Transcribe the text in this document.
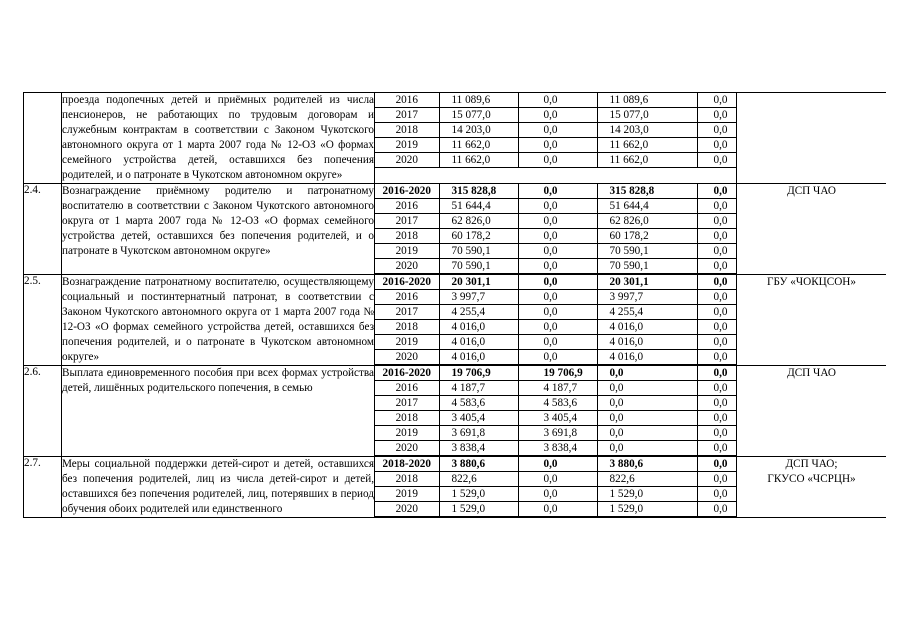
	проезда подопечных детей и приёмных родителей из числа пенсионеров, не работающих по трудовым договорам и служебным контрактам в соответствии с Законом Чукотского автономного округа от 1 марта 2007 года № 12-ОЗ «О формах семейного устройства детей, оставшихся без попечения родителей, и о патронате в Чукотском автономном округе»	
2016	11 089,6	0,0	11 089,6	0,0
2017	15 077,0	0,0	15 077,0	0,0
2018	14 203,0	0,0	14 203,0	0,0
2019	11 662,0	0,0	11 662,0	0,0
2020	11 662,0	0,0	11 662,0	0,0

2.4.	Вознаграждение приёмному родителю и патронатному воспитателю в соответствии с Законом Чукотского автономного округа от 1 марта 2007 года № 12-ОЗ «О формах семейного устройства детей, оставшихся без попечения родителей, и о патронате в Чукотском автономном округе»	
2016-2020	315 828,8	0,0	315 828,8	0,0
2016	51 644,4	0,0	51 644,4	0,0
2017	62 826,0	0,0	62 826,0	0,0
2018	60 178,2	0,0	60 178,2	0,0
2019	70 590,1	0,0	70 590,1	0,0
2020	70 590,1	0,0	70 590,1	0,0
	ДСП ЧАО
2.5.	Вознаграждение патронатному воспитателю, осуществляющему социальный и постинтернатный патронат, в соответствии с Законом Чукотского автономного округа от 1 марта 2007 года № 12-ОЗ «О формах семейного устройства детей, оставшихся без попечения родителей, и о патронате в Чукотском автономном округе»	
2016-2020	20 301,1	0,0	20 301,1	0,0
2016	3 997,7	0,0	3 997,7	0,0
2017	4 255,4	0,0	4 255,4	0,0
2018	4 016,0	0,0	4 016,0	0,0
2019	4 016,0	0,0	4 016,0	0,0
2020	4 016,0	0,0	4 016,0	0,0
	ГБУ «ЧОКЦСОН»
2.6.	Выплата единовременного пособия при всех формах устройства детей, лишённых родительского попечения, в семью	
2016-2020	19 706,9	19 706,9	0,0	0,0
2016	4 187,7	4 187,7	0,0	0,0
2017	4 583,6	4 583,6	0,0	0,0
2018	3 405,4	3 405,4	0,0	0,0
2019	3 691,8	3 691,8	0,0	0,0
2020	3 838,4	3 838,4	0,0	0,0
	ДСП ЧАО
2.7.	Меры социальной поддержки детей-сирот и детей, оставшихся без попечения родителей, лиц из числа детей-сирот и детей, оставшихся без попечения родителей, лиц, потерявших в период обучения обоих родителей или единственного	
2018-2020	3 880,6	0,0	3 880,6	0,0
2018	822,6	0,0	822,6	0,0
2019	1 529,0	0,0	1 529,0	0,0
2020	1 529,0	0,0	1 529,0	0,0
	ДСП ЧАО;
ГКУСО «ЧСРЦН»
